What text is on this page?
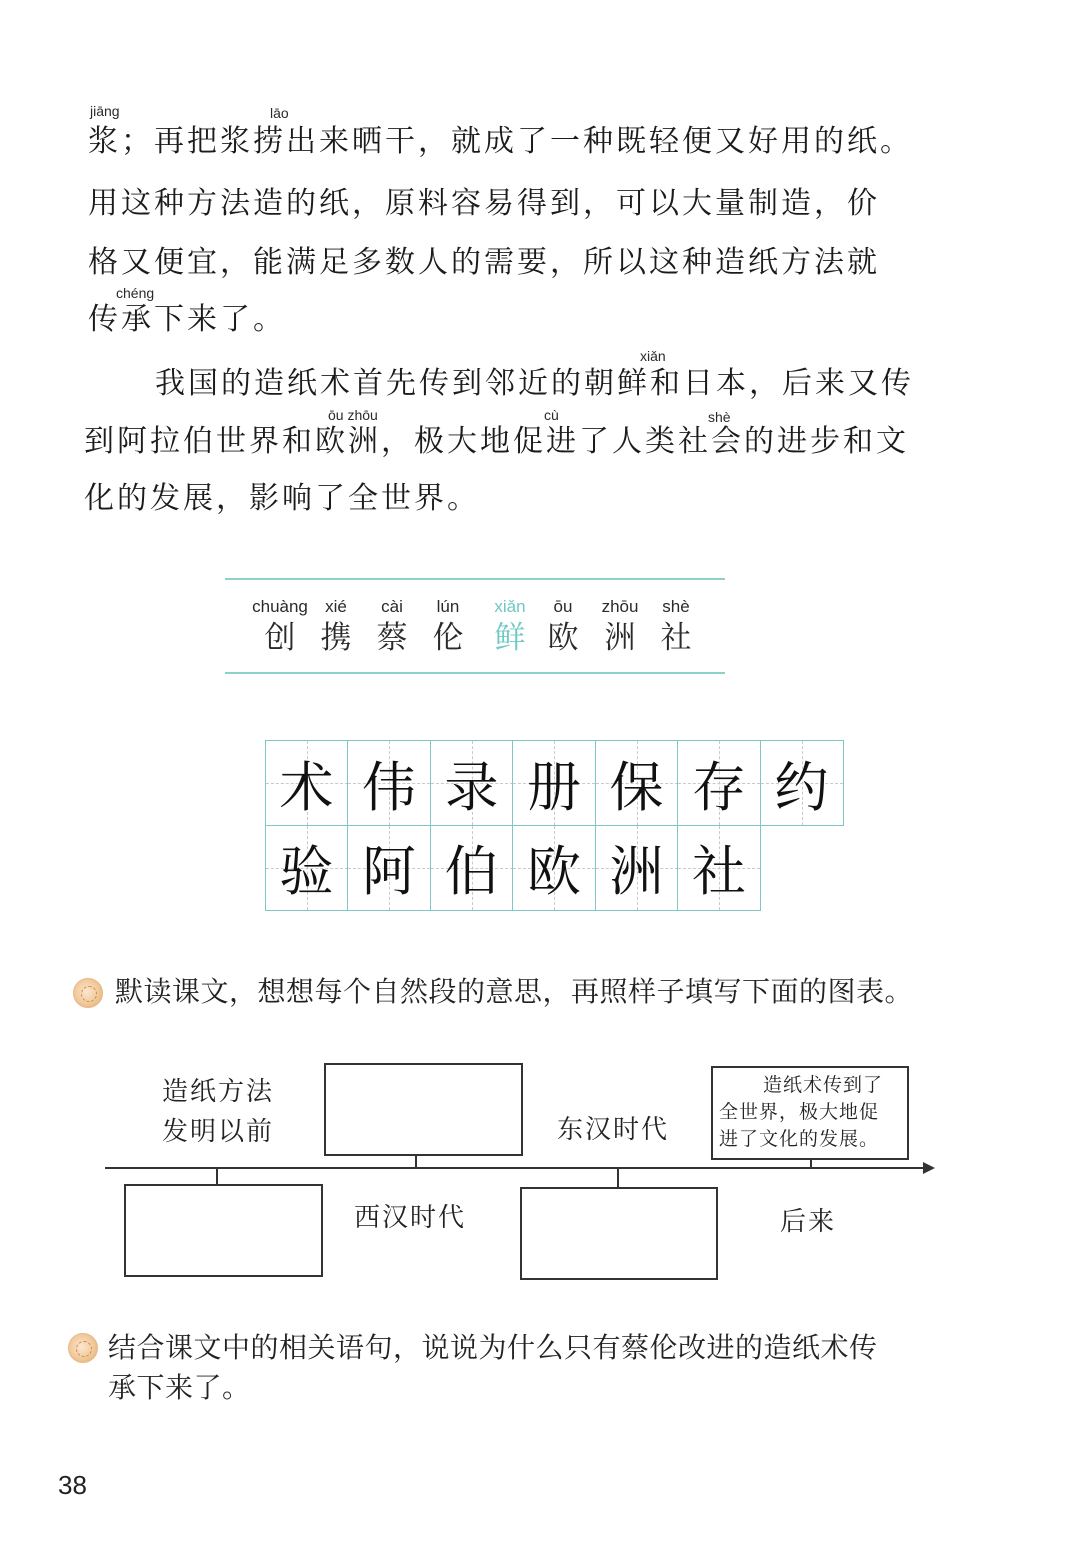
jiāng	lāo
浆；再把浆捞出来晒干，就成了一种既轻便又好用的纸。
用这种方法造的纸，原料容易得到，可以大量制造，价
格又便宜，能满足多数人的需要，所以这种造纸方法就
chéng
传承下来了。
xiǎn
我国的造纸术首先传到邻近的朝鲜和日本，后来又传
ōu zhōu	cù	shè
到阿拉伯世界和欧洲，极大地促进了人类社会的进步和文
化的发展，影响了全世界。
chuàng
创
xié
携
cài
蔡
lún
伦
xiǎn
鲜
ōu
欧
zhōu
洲
shè
社
术 伟 录 册 保 存 约
验 阿 伯 欧 洲 社
默读课文，想想每个自然段的意思，再照样子填写下面的图表。
造纸方法
发明以前	东汉时代
造纸术传到了
全世界，极大地促
进了文化的发展。
西汉时代	后来
结合课文中的相关语句，说说为什么只有蔡伦改进的造纸术传
承下来了。
38
